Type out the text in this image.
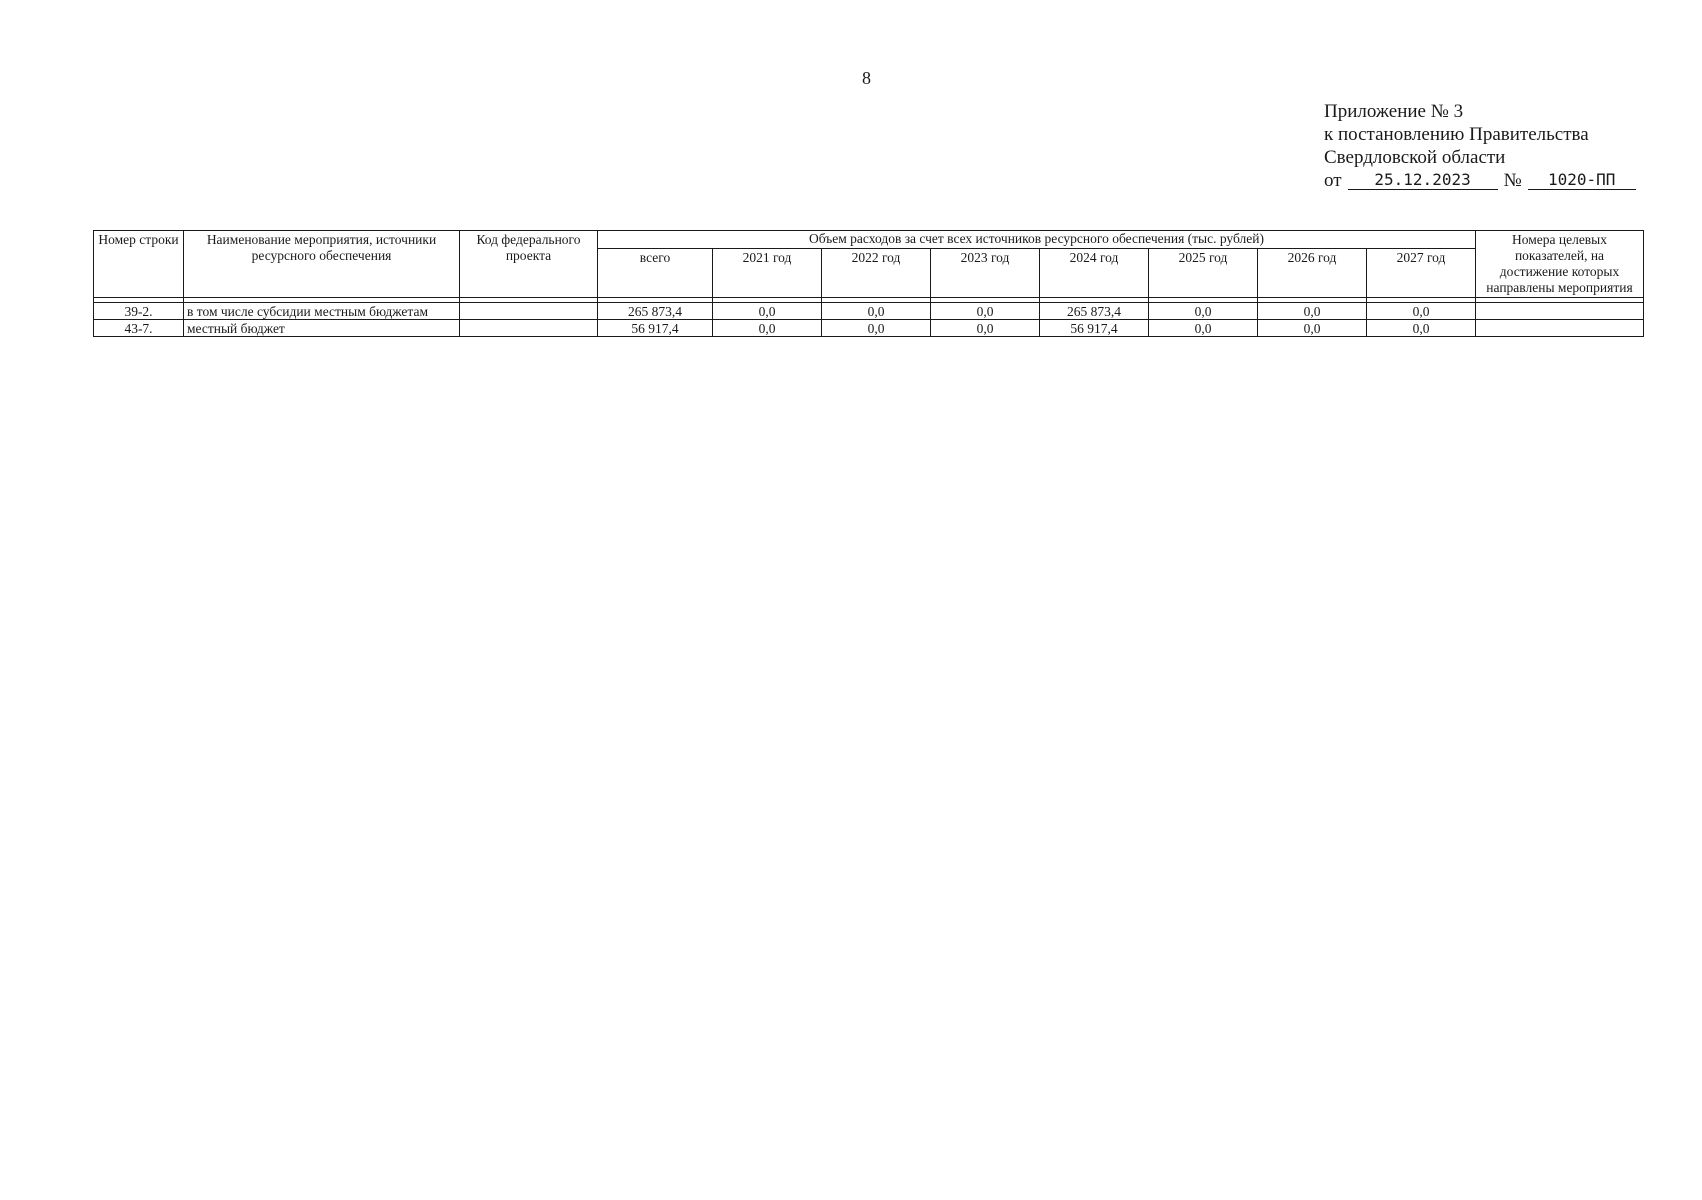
8
Приложение № 3
к постановлению Правительства
Свердловской области
от	25.12.2023	№	1020-ПП
Номер строки	Наименование мероприятия, источники ресурсного обеспечения	Код федерального проекта	Объем расходов за счет всех источников ресурсного обеспечения (тыс. рублей)								Номера целевых показателей, на достижение которых направлены мероприятия
			всего	2021 год	2022 год	2023 год	2024 год	2025 год	2026 год	2027 год	

39-2.	в том числе субсидии местным бюджетам		265 873,4	0,0	0,0	0,0	265 873,4	0,0	0,0	0,0	
43-7.	местный бюджет		56 917,4	0,0	0,0	0,0	56 917,4	0,0	0,0	0,0	
